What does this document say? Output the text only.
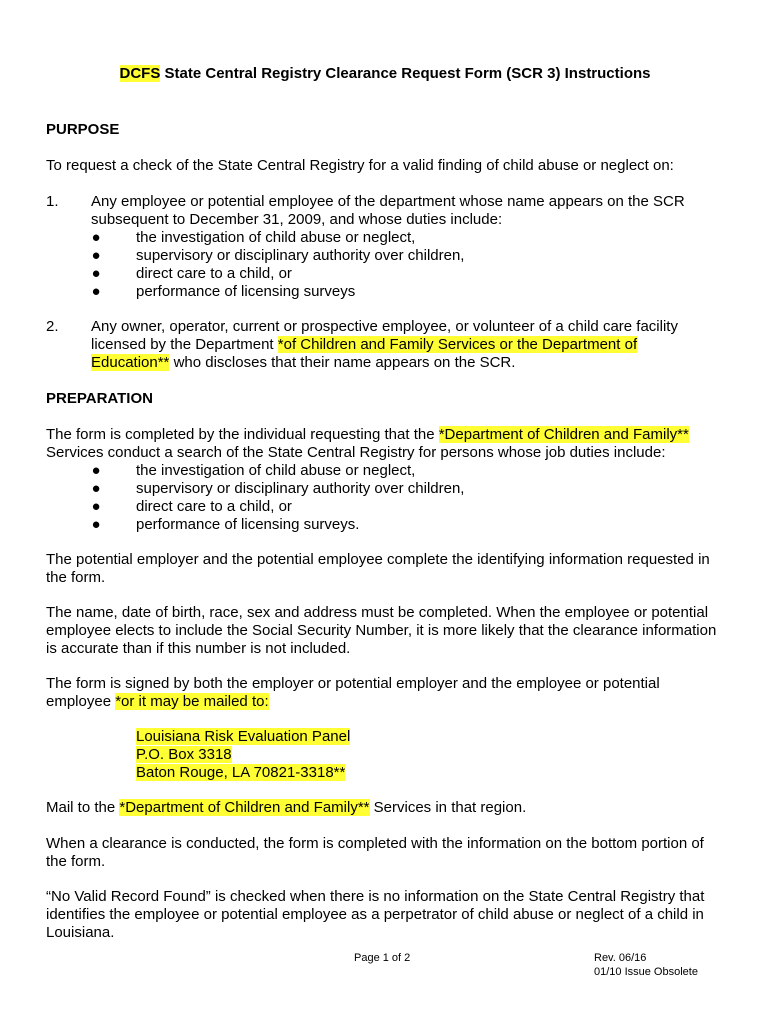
DCFS State Central Registry Clearance Request Form (SCR 3) Instructions
PURPOSE
To request a check of the State Central Registry for a valid finding of child abuse or neglect on:
1. Any employee or potential employee of the department whose name appears on the SCR
subsequent to December 31, 2009, and whose duties include:
● the investigation of child abuse or neglect,
● supervisory or disciplinary authority over children,
● direct care to a child, or
● performance of licensing surveys
2. Any owner, operator, current or prospective employee, or volunteer of a child care facility
licensed by the Department *of Children and Family Services or the Department of
Education** who discloses that their name appears on the SCR.
PREPARATION
The form is completed by the individual requesting that the *Department of Children and Family**
Services conduct a search of the State Central Registry for persons whose job duties include:
● the investigation of child abuse or neglect,
● supervisory or disciplinary authority over children,
● direct care to a child, or
● performance of licensing surveys.
The potential employer and the potential employee complete the identifying information requested in
the form.
The name, date of birth, race, sex and address must be completed. When the employee or potential
employee elects to include the Social Security Number, it is more likely that the clearance information
is accurate than if this number is not included.
The form is signed by both the employer or potential employer and the employee or potential
employee *or it may be mailed to:
Louisiana Risk Evaluation Panel
P.O. Box 3318
Baton Rouge, LA 70821-3318**
Mail to the *Department of Children and Family** Services in that region.
When a clearance is conducted, the form is completed with the information on the bottom portion of
the form.
“No Valid Record Found” is checked when there is no information on the State Central Registry that
identifies the employee or potential employee as a perpetrator of child abuse or neglect of a child in
Louisiana.
Page 1 of 2	Rev. 06/16
01/10 Issue Obsolete
